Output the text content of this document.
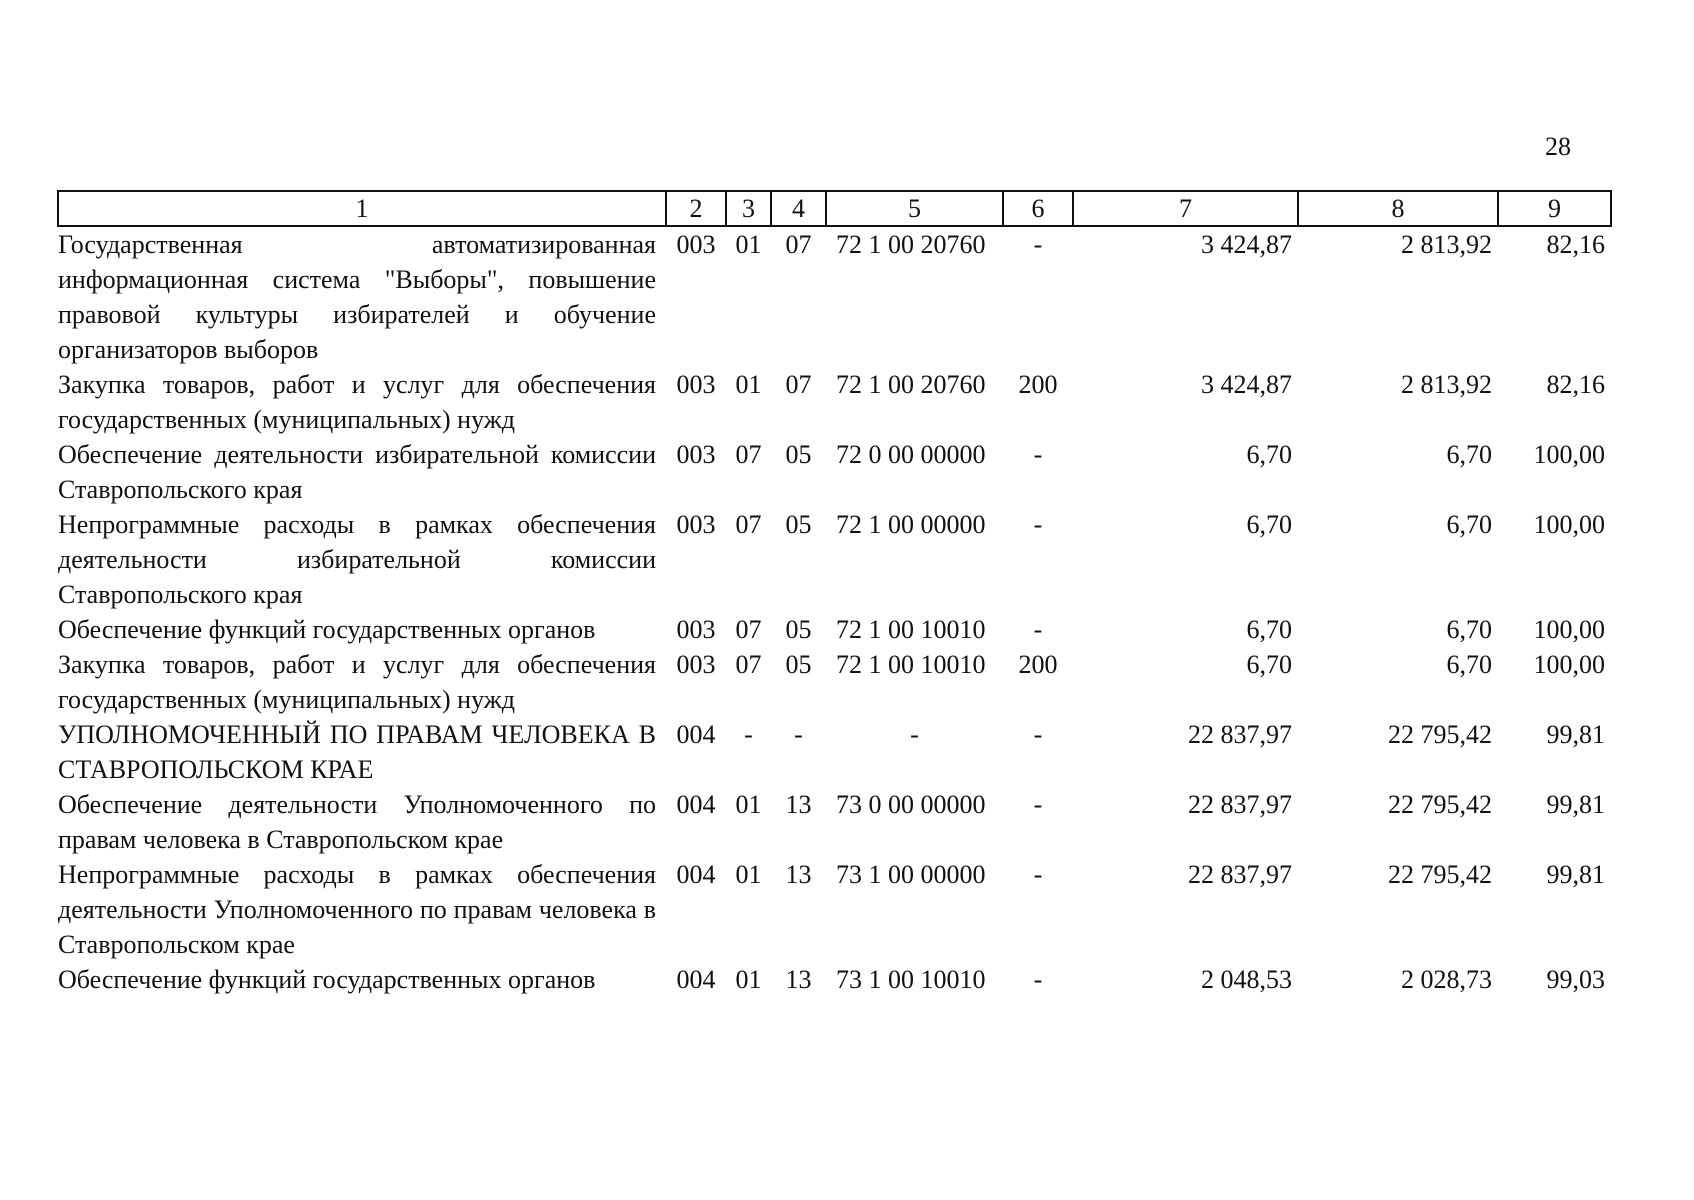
28
1	2	3	4	5	6	7	8	9
Государственная автоматизированная информационная система "Выборы", повышение правовой культуры избирателей и обучение организаторов выборов	003	01	07	72 1 00 20760	-	3 424,87	2 813,92	82,16
Закупка товаров, работ и услуг для обеспечения государственных (муниципальных) нужд	003	01	07	72 1 00 20760	200	3 424,87	2 813,92	82,16
Обеспечение деятельности избирательной комиссии Ставропольского края	003	07	05	72 0 00 00000	-	6,70	6,70	100,00
Непрограммные расходы в рамках обеспечения деятельности избирательной комиссии Ставропольского края	003	07	05	72 1 00 00000	-	6,70	6,70	100,00
Обеспечение функций государственных органов	003	07	05	72 1 00 10010	-	6,70	6,70	100,00
Закупка товаров, работ и услуг для обеспечения государственных (муниципальных) нужд	003	07	05	72 1 00 10010	200	6,70	6,70	100,00
УПОЛНОМОЧЕННЫЙ ПО ПРАВАМ ЧЕЛОВЕКА В СТАВРОПОЛЬСКОМ КРАЕ	004	-	-	-	-	22 837,97	22 795,42	99,81
Обеспечение деятельности Уполномоченного по правам человека в Ставропольском крае	004	01	13	73 0 00 00000	-	22 837,97	22 795,42	99,81
Непрограммные расходы в рамках обеспечения деятельности Уполномоченного по правам человека в Ставропольском крае	004	01	13	73 1 00 00000	-	22 837,97	22 795,42	99,81
Обеспечение функций государственных органов	004	01	13	73 1 00 10010	-	2 048,53	2 028,73	99,03
